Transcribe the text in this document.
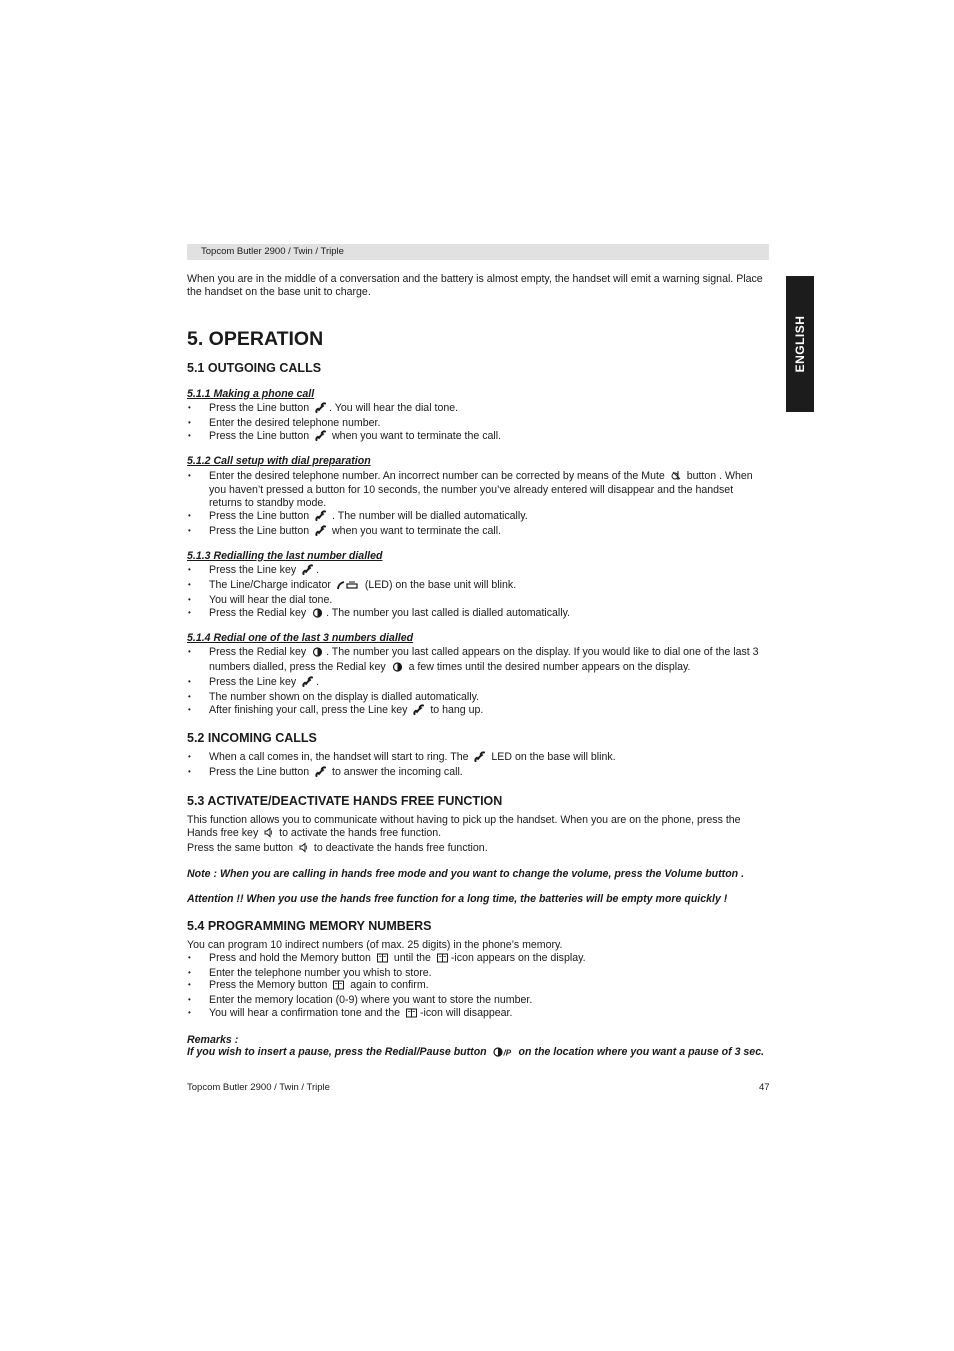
Topcom Butler 2900 / Twin / Triple
ENGLISH

When you are in the middle of a conversation and the battery is almost empty, the handset will emit a warning signal. Place the handset on the base unit to charge.

5. OPERATION
5.1 OUTGOING CALLS
5.1.1 Making a phone call
• Press the Line button . You will hear the dial tone.
• Enter the desired telephone number.
• Press the Line button when you want to terminate the call.
5.1.2 Call setup with dial preparation
• Enter the desired telephone number. An incorrect number can be corrected by means of the Mute button . When you haven’t pressed a button for 10 seconds, the number you’ve already entered will disappear and the handset returns to standby mode.
• Press the Line button . The number will be dialled automatically.
• Press the Line button when you want to terminate the call.
5.1.3 Redialling the last number dialled
• Press the Line key .
• The Line/Charge indicator	(LED) on the base unit will blink.
• You will hear the dial tone.
• Press the Redial key . The number you last called is dialled automatically.
5.1.4 Redial one of the last 3 numbers dialled
• Press the Redial key . The number you last called appears on the display. If you would like to dial one of the last 3 numbers dialled, press the Redial key a few times until the desired number appears on the display.
• Press the Line key .
• The number shown on the display is dialled automatically.
• After finishing your call, press the Line key to hang up.
5.2 INCOMING CALLS
• When a call comes in, the handset will start to ring. The LED on the base will blink.
• Press the Line button to answer the incoming call.
5.3 ACTIVATE/DEACTIVATE HANDS FREE FUNCTION

This function allows you to communicate without having to pick up the handset. When you are on the phone, press the Hands free key to activate the hands free function.

Press the same button to deactivate the hands free function.

Note : When you are calling in hands free mode and you want to change the volume, press the Volume button .

Attention !! When you use the hands free function for a long time, the batteries will be empty more quickly !

5.4 PROGRAMMING MEMORY NUMBERS

You can program 10 indirect numbers (of max. 25 digits) in the phone’s memory.

• Press and hold the Memory button until the -icon appears on the display.
• Enter the telephone number you whish to store.
• Press the Memory button again to confirm.
• Enter the memory location (0-9) where you want to store the number.
• You will hear a confirmation tone and the -icon will disappear.

Remarks :

If you wish to insert a pause, press the Redial/Pause button /P on the location where you want a pause of 3 sec.

Topcom Butler 2900 / Twin / Triple	47
